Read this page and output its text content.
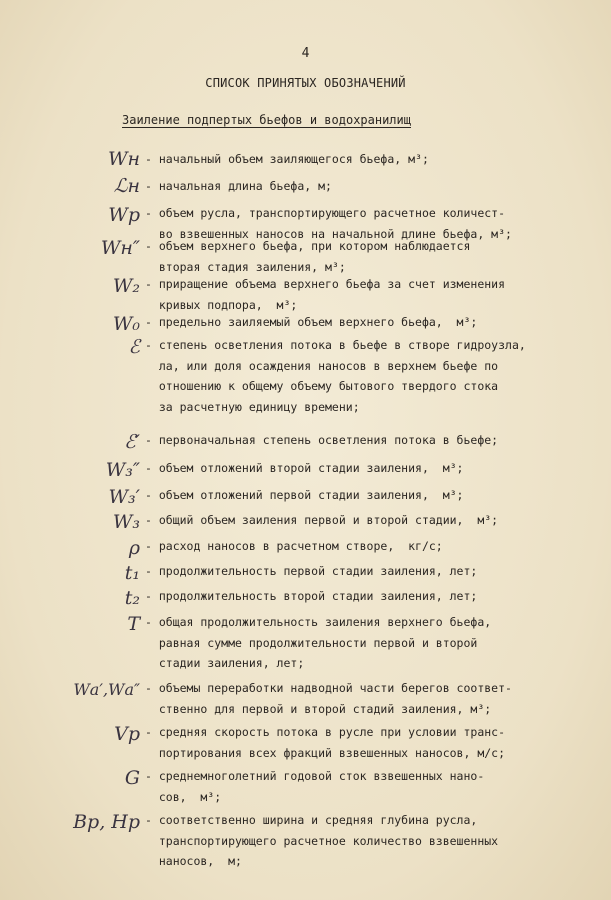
4
СПИСОК ПРИНЯТЫХ ОБОЗНАЧЕНИЙ
Заиление подпертых бьефов и водохранилищ
Wн - начальный объем заиляющегося бьефа, м³;
ℒн - начальная длина бьефа, м;
Wр - объем русла, транспортирующего расчетное количест-
во взвешенных наносов на начальной длине бьефа, м³;
Wн″ - объем верхнего бьефа, при котором наблюдается
вторая стадия заиления, м³;
W₂ - приращение объема верхнего бьефа за счет изменения
кривых подпора,  м³;
W₀ - предельно заиляемый объем верхнего бьефа,  м³;
ℰ - степень осветления потока в бьефе в створе гидроузла,
ла, или доля осаждения наносов в верхнем бьефе по
отношению к общему объему бытового твердого стока
за расчетную единицу времени;
ℰ′ - первоначальная степень осветления потока в бьефе;
W₃″ - объем отложений второй стадии заиления,  м³;
W₃′ - объем отложений первой стадии заиления,  м³;
W₃ - общий объем заиления первой и второй стадии,  м³;
ρ - расход наносов в расчетном створе,  кг/с;
t₁ - продолжительность первой стадии заиления, лет;
t₂ - продолжительность второй стадии заиления, лет;
T - общая продолжительность заиления верхнего бьефа,
равная сумме продолжительности первой и второй
стадии заиления, лет;
Wа′,Wа″ - объемы переработки надводной части берегов соответ-
ственно для первой и второй стадий заиления, м³;
Vр - средняя скорость потока в русле при условии транс-
портирования всех фракций взвешенных наносов, м/с;
G - среднемноголетний годовой сток взвешенных нано-
сов,  м³;
Bр, Hр - соответственно ширина и средняя глубина русла,
транспортирующего расчетное количество взвешенных
наносов,  м;
